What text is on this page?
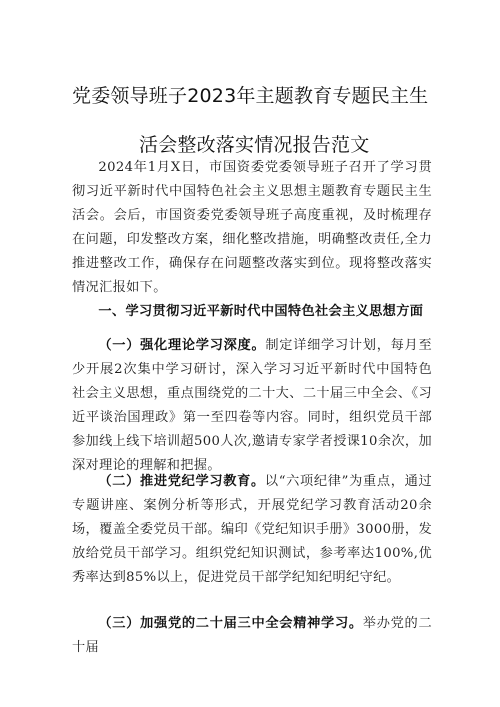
党委领导班子2023年主题教育专题民主生
活会整改落实情况报告范文

2024年1月X日，市国资委党委领导班子召开了学习贯彻习近平新时代中国特色社会主义思想主题教育专题民主生活会。会后，市国资委党委领导班子高度重视，及时梳理存在问题，印发整改方案，细化整改措施，明确整改责任,全力推进整改工作，确保存在问题整改落实到位。现将整改落实情况汇报如下。

一、学习贯彻习近平新时代中国特色社会主义思想方面

（一）强化理论学习深度。制定详细学习计划，每月至少开展2次集中学习研讨，深入学习习近平新时代中国特色社会主义思想，重点围绕党的二十大、二十届三中全会、《习近平谈治国理政》第一至四卷等内容。同时，组织党员干部参加线上线下培训超500人次,邀请专家学者授课10余次，加深对理论的理解和把握。

（二）推进党纪学习教育。以“六项纪律”为重点，通过专题讲座、案例分析等形式，开展党纪学习教育活动20余场，覆盖全委党员干部。编印《党纪知识手册》3000册，发放给党员干部学习。组织党纪知识测试，参考率达100%,优秀率达到85%以上，促进党员干部学纪知纪明纪守纪。

（三）加强党的二十届三中全会精神学习。举办党的二十届
